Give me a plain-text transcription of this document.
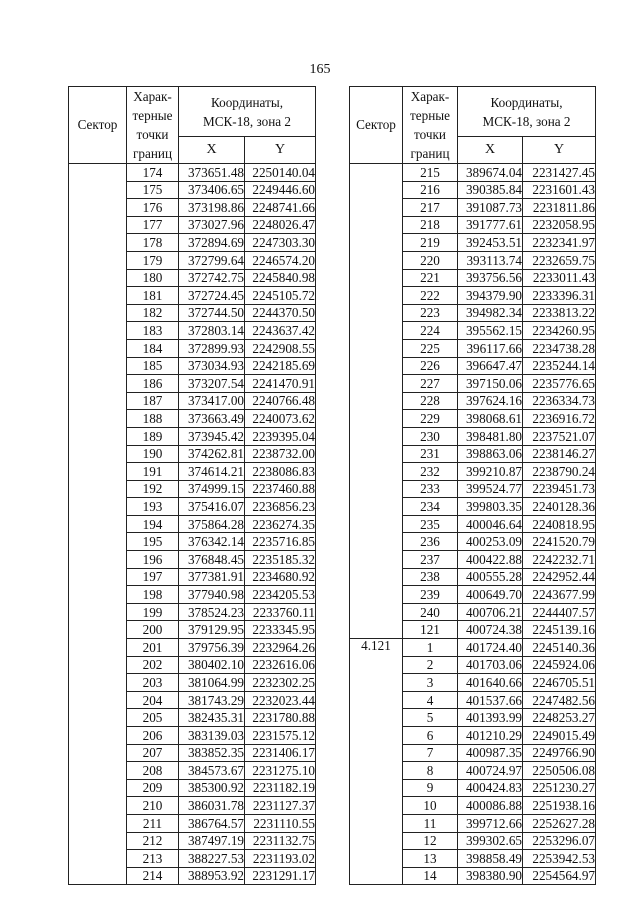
165
Сектор	Харак-
терные
точки
границ	Координаты,
МСК-18, зона 2	
		X	Y
	174	373651.48	2250140.04
	175	373406.65	2249446.60
	176	373198.86	2248741.66
	177	373027.96	2248026.47
	178	372894.69	2247303.30
	179	372799.64	2246574.20
	180	372742.75	2245840.98
	181	372724.45	2245105.72
	182	372744.50	2244370.50
	183	372803.14	2243637.42
	184	372899.93	2242908.55
	185	373034.93	2242185.69
	186	373207.54	2241470.91
	187	373417.00	2240766.48
	188	373663.49	2240073.62
	189	373945.42	2239395.04
	190	374262.81	2238732.00
	191	374614.21	2238086.83
	192	374999.15	2237460.88
	193	375416.07	2236856.23
	194	375864.28	2236274.35
	195	376342.14	2235716.85
	196	376848.45	2235185.32
	197	377381.91	2234680.92
	198	377940.98	2234205.53
	199	378524.23	2233760.11
	200	379129.95	2233345.95
	201	379756.39	2232964.26
	202	380402.10	2232616.06
	203	381064.99	2232302.25
	204	381743.29	2232023.44
	205	382435.31	2231780.88
	206	383139.03	2231575.12
	207	383852.35	2231406.17
	208	384573.67	2231275.10
	209	385300.92	2231182.19
	210	386031.78	2231127.37
	211	386764.57	2231110.55
	212	387497.19	2231132.75
	213	388227.53	2231193.02
	214	388953.92	2231291.17
Сектор	Харак-
терные
точки
границ	Координаты,
МСК-18, зона 2	
		X	Y
	215	389674.04	2231427.45
	216	390385.84	2231601.43
	217	391087.73	2231811.86
	218	391777.61	2232058.95
	219	392453.51	2232341.97
	220	393113.74	2232659.75
	221	393756.56	2233011.43
	222	394379.90	2233396.31
	223	394982.34	2233813.22
	224	395562.15	2234260.95
	225	396117.66	2234738.28
	226	396647.47	2235244.14
	227	397150.06	2235776.65
	228	397624.16	2236334.73
	229	398068.61	2236916.72
	230	398481.80	2237521.07
	231	398863.06	2238146.27
	232	399210.87	2238790.24
	233	399524.77	2239451.73
	234	399803.35	2240128.36
	235	400046.64	2240818.95
	236	400253.09	2241520.79
	237	400422.88	2242232.71
	238	400555.28	2242952.44
	239	400649.70	2243677.99
	240	400706.21	2244407.57
	121	400724.38	2245139.16
4.121	1	401724.40	2245140.36
	2	401703.06	2245924.06
	3	401640.66	2246705.51
	4	401537.66	2247482.56
	5	401393.99	2248253.27
	6	401210.29	2249015.49
	7	400987.35	2249766.90
	8	400724.97	2250506.08
	9	400424.83	2251230.27
	10	400086.88	2251938.16
	11	399712.66	2252627.28
	12	399302.65	2253296.07
	13	398858.49	2253942.53
	14	398380.90	2254564.97
